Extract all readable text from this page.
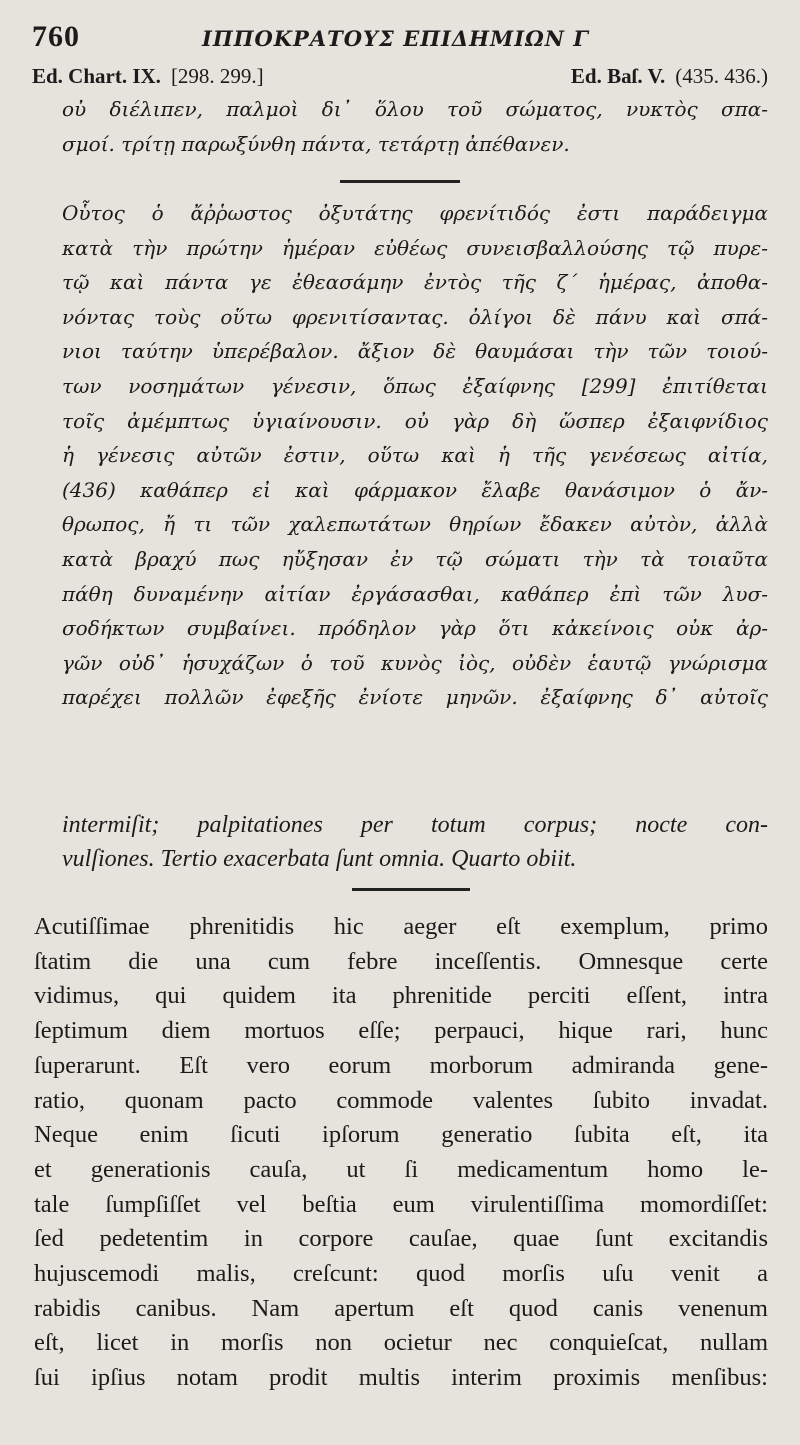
760	ΙΠΠΟΚΡΑΤΟΥΣ ΕΠΙΔΗΜΙΩΝ Γ
Ed. Chart. IX. [298. 299.]	Ed. Baſ. V. (435. 436.)
οὐ διέλιπεν, παλμοὶ δι᾽ ὅλου τοῦ σώματος, νυκτὸς σπα-
σμοί. τρίτῃ παρωξύνθη πάντα, τετάρτῃ ἀπέθανεν.
Οὗτος ὁ ἄῤῥωστος ὀξυτάτης φρενίτιδός ἐστι παράδειγμα
κατὰ τὴν πρώτην ἡμέραν εὐθέως συνεισβαλλούσης τῷ πυρε-
τῷ καὶ πάντα γε ἐθεασάμην ἐντὸς τῆς ζ΄ ἡμέρας, ἀποθα-
νόντας τοὺς οὕτω φρενιτίσαντας. ὀλίγοι δὲ πάνυ καὶ σπά-
νιοι ταύτην ὑπερέβαλον. ἄξιον δὲ θαυμάσαι τὴν τῶν τοιού-
των νοσημάτων γένεσιν, ὅπως ἐξαίφνης [299] ἐπιτίθεται
τοῖς ἀμέμπτως ὑγιαίνουσιν. οὐ γὰρ δὴ ὥσπερ ἐξαιφνίδιος
ἡ γένεσις αὐτῶν ἐστιν, οὕτω καὶ ἡ τῆς γενέσεως αἰτία,
(436) καθάπερ εἰ καὶ φάρμακον ἔλαβε θανάσιμον ὁ ἄν-
θρωπος, ἤ τι τῶν χαλεπωτάτων θηρίων ἔδακεν αὐτὸν, ἀλλὰ
κατὰ βραχύ πως ηὔξησαν ἐν τῷ σώματι τὴν τὰ τοιαῦτα
πάθη δυναμένην αἰτίαν ἐργάσασθαι, καθάπερ ἐπὶ τῶν λυσ-
σοδήκτων συμβαίνει. πρόδηλον γὰρ ὅτι κἀκείνοις οὐκ ἀρ-
γῶν οὐδ᾽ ἡσυχάζων ὁ τοῦ κυνὸς ἰὸς, οὐδὲν ἑαυτῷ γνώρισμα
παρέχει πολλῶν ἐφεξῆς ἐνίοτε μηνῶν. ἐξαίφνης δ᾽ αὐτοῖς
intermiſit; palpitationes per totum corpus; nocte con-
vulſiones. Tertio exacerbata ſunt omnia. Quarto obiit.
Acutiſſimae phrenitidis hic aeger eſt exemplum, primo
ſtatim die una cum febre inceſſentis. Omnesque certe
vidimus, qui quidem ita phrenitide perciti eſſent, intra
ſeptimum diem mortuos eſſe; perpauci, hique rari, hunc
ſuperarunt. Eſt vero eorum morborum admiranda gene-
ratio, quonam pacto commode valentes ſubito invadat.
Neque enim ſicuti ipſorum generatio ſubita eſt, ita
et generationis cauſa, ut ſi medicamentum homo le-
tale ſumpſiſſet vel beſtia eum virulentiſſima momordiſſet:
ſed pedetentim in corpore cauſae, quae ſunt excitandis
hujuscemodi malis, creſcunt: quod morſis uſu venit a
rabidis canibus. Nam apertum eſt quod canis venenum
eſt, licet in morſis non ocietur nec conquieſcat, nullam
ſui ipſius notam prodit multis interim proximis menſibus:
